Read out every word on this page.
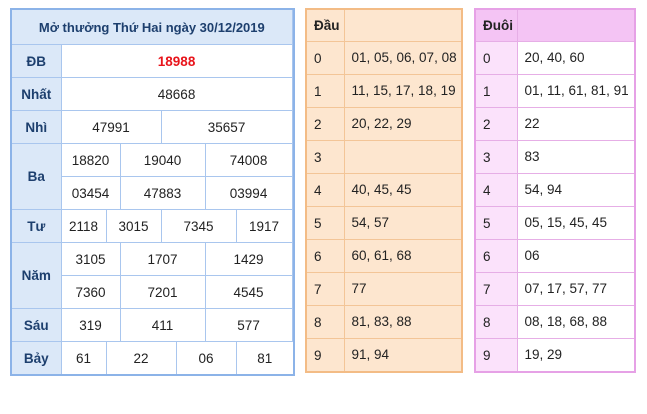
Mở thưởng Thứ Hai ngày 30/12/2019							
ĐB	18988						
Nhất	48668						
Nhì	47991			35657			
Ba	18820		19040			74008	
	03454		47883			03994	
Tư	2118	3015		7345			1917
Năm	3105		1707			1429	
	7360		7201			4545	
Sáu	319		411			577	
Bảy	61	22			06		81
Đầu	
0	01, 05, 06, 07, 08
1	11, 15, 17, 18, 19
2	20, 22, 29
3	
4	40, 45, 45
5	54, 57
6	60, 61, 68
7	77
8	81, 83, 88
9	91, 94
Đuôi	
0	20, 40, 60
1	01, 11, 61, 81, 91
2	22
3	83
4	54, 94
5	05, 15, 45, 45
6	06
7	07, 17, 57, 77
8	08, 18, 68, 88
9	19, 29
